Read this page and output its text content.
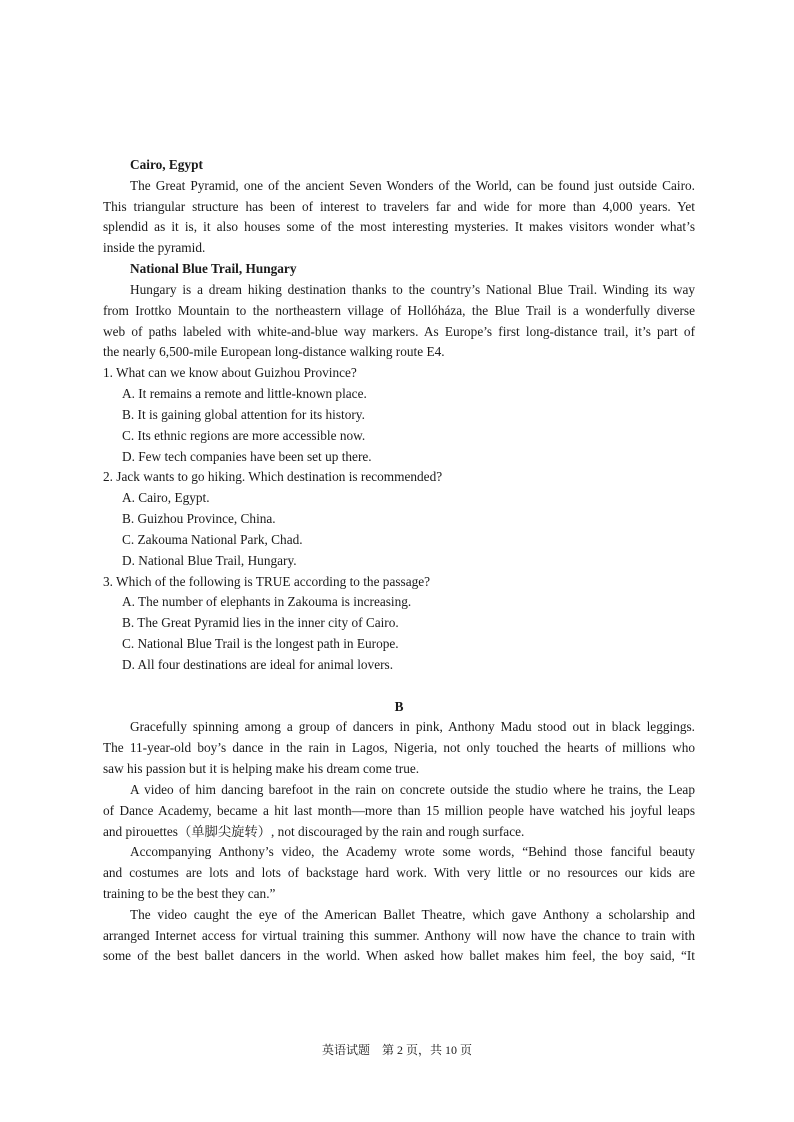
Cairo, Egypt
The Great Pyramid, one of the ancient Seven Wonders of the World, can be found just outside Cairo.
This triangular structure has been of interest to travelers far and wide for more than 4,000 years. Yet
splendid as it is, it also houses some of the most interesting mysteries. It makes visitors wonder what’s
inside the pyramid.
National Blue Trail, Hungary
Hungary is a dream hiking destination thanks to the country’s National Blue Trail. Winding its way
from Irottko Mountain to the northeastern village of Hollóháza, the Blue Trail is a wonderfully diverse
web of paths labeled with white-and-blue way markers. As Europe’s first long-distance trail, it’s part of
the nearly 6,500-mile European long-distance walking route E4.
1. What can we know about Guizhou Province?
A. It remains a remote and little-known place.
B. It is gaining global attention for its history.
C. Its ethnic regions are more accessible now.
D. Few tech companies have been set up there.
2. Jack wants to go hiking. Which destination is recommended?
A. Cairo, Egypt.
B. Guizhou Province, China.
C. Zakouma National Park, Chad.
D. National Blue Trail, Hungary.
3. Which of the following is TRUE according to the passage?
A. The number of elephants in Zakouma is increasing.
B. The Great Pyramid lies in the inner city of Cairo.
C. National Blue Trail is the longest path in Europe.
D. All four destinations are ideal for animal lovers.
B
Gracefully spinning among a group of dancers in pink, Anthony Madu stood out in black leggings.
The 11-year-old boy’s dance in the rain in Lagos, Nigeria, not only touched the hearts of millions who
saw his passion but it is helping make his dream come true.
A video of him dancing barefoot in the rain on concrete outside the studio where he trains, the Leap
of Dance Academy, became a hit last month—more than 15 million people have watched his joyful leaps
and pirouettes（单脚尖旋转）, not discouraged by the rain and rough surface.
Accompanying Anthony’s video, the Academy wrote some words, “Behind those fanciful beauty
and costumes are lots and lots of backstage hard work. With very little or no resources our kids are
training to be the best they can.”
The video caught the eye of the American Ballet Theatre, which gave Anthony a scholarship and
arranged Internet access for virtual training this summer. Anthony will now have the chance to train with
some of the best ballet dancers in the world. When asked how ballet makes him feel, the boy said, “It
英语试题　第 2 页，共 10 页
